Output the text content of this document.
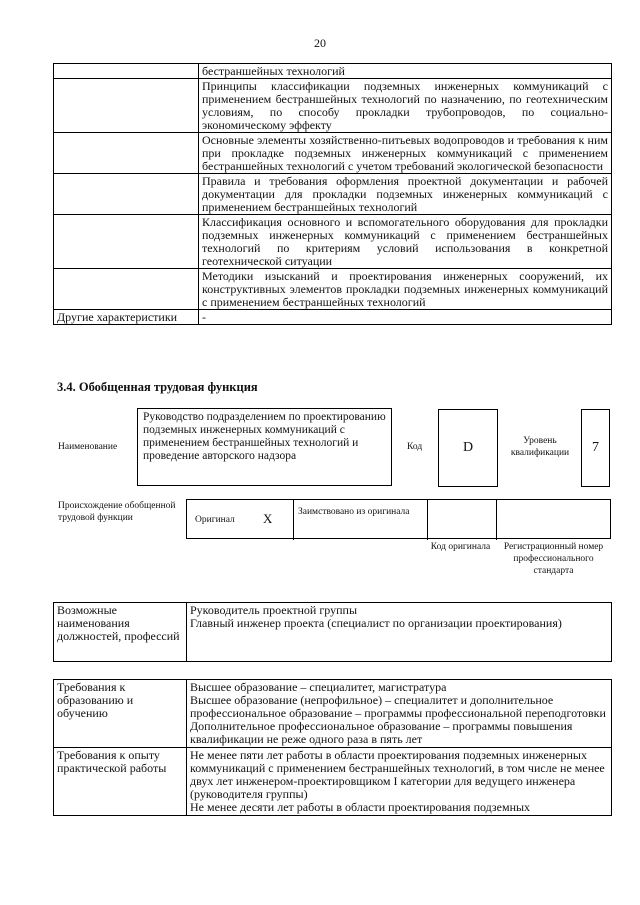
20
	бестраншейных технологий
	Принципы классификации подземных инженерных коммуникаций с применением бестраншейных технологий по назначению, по геотехническим условиям, по способу прокладки трубопроводов, по социально-экономическому эффекту
	Основные элементы хозяйственно-питьевых водопроводов и требования к ним при прокладке подземных инженерных коммуникаций с применением бестраншейных технологий с учетом требований экологической безопасности
	Правила и требования оформления проектной документации и рабочей документации для прокладки подземных инженерных коммуникаций с применением бестраншейных технологий
	Классификация основного и вспомогательного оборудования для прокладки подземных инженерных коммуникаций с применением бестраншейных технологий по критериям условий использования в конкретной геотехнической ситуации
	Методики изысканий и проектирования инженерных сооружений, их конструктивных элементов прокладки подземных инженерных коммуникаций с применением бестраншейных технологий
Другие характеристики	-
3.4. Обобщенная трудовая функция
Наименование
Руководство подразделением по проектированию подземных инженерных коммуникаций с применением бестраншейных технологий и проведение авторского надзора
Код	D	Уровень квалификации	7
Происхождение обобщенной трудовой функции	Оригинал X	Заимствовано из оригинала
Код оригинала	Регистрационный номер профессионального стандарта
Возможные наименования должностей, профессий	
Руководитель проектной группы
Главный инженер проекта (специалист по организации проектирования)
Требования к образованию и обучению	Высшее образование – специалитет, магистратура
Высшее образование (непрофильное) – специалитет и дополнительное профессиональное образование – программы профессиональной переподготовки
Дополнительное профессиональное образование – программы повышения квалификации не реже одного раза в пять лет

Требования к опыту практической работы	Не менее пяти лет работы в области проектирования подземных инженерных коммуникаций с применением бестраншейных технологий, в том числе не менее двух лет инженером-проектировщиком I категории для ведущего инженера (руководителя группы)
Не менее десяти лет работы в области проектирования подземных
